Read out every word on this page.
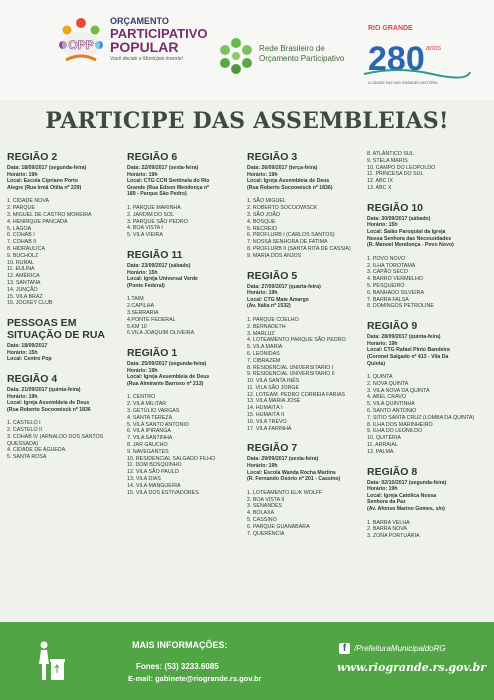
OPP
ORÇAMENTO
PARTICIPATIVO
POPULAR
Você decide o Município investe!
Rede Brasileiro de
Orçamento Participativo
RIO GRANDE
280 anos
A CIDADE FAZ DAS GRANDES HISTÓRIA
PARTICIPE DAS ASSEMBLEIAS!
REGIÃO 2
Data: 18/09/2017 (segunda-feira)
Horário: 19h
Local: Escola Cipriano Porto
Alegre (Rua Irmã Otília nº 229)
1. CIDADE NOVA
2. PARQUE
3. MIGUEL DE CASTRO MOREIRA
4. HENRIQUE PANCADA
5. LAGOA
6. COHAB I
7. COHAB II
8. HIDRAULICA
9. BUCHOLZ
10. RURAL
11. EULINA
12. AMÉRICA
13. SANTANA
14. JUNÇÃO
15. VILA BRAZ
16. JOCKEY CLUB
PESSOAS EM SITUAÇÃO DE RUA
Data: 18/09/2017
Horário: 15h
Local: Centro Pop
REGIÃO 4
Data: 21/09/2017 (quinta-feira)
Horário: 19h
Local: Igreja Assembleia de Deus
(Rua Roberto Socoowisck nº 1836
1. CASTELO I
2. CASTELO II
3. COHAB IV (ARNALDO DOS SANTOS QUESSADA)
4. CIDADE DE AGUEDA
5. SANTA ROSA
REGIÃO 6
Data: 22/09/2017 (sexta-feira)
Horário: 19h
Local: CTG CCN Sentinela do Rio
Grande (Rua Edson Mendonça nº
189 - Parque São Pedro)
1. PARQUE MARINHA
2. JARDIM DO SOL
3. PARQUE SÃO PEDRO
4. BOA VISTA I
5. VILA VIEIRA
REGIÃO 11
Data: 23/09/2017 (sábado)
Horário: 15h
Local: Igreja Universal Verde
(Ponte Federal)
1.TAIM
2.CAPILHA
3.SERRARIA
4.PONTE FEDERAL
5.KM 10
6.VILA JOAQUIM OLIVEIRA
REGIÃO 1
Data: 25/09/2017 (segunda-feira)
Horário: 19h
Local: Igreja Assembleia de Deus
(Rua Almirante Barroso nº 213)
1. CENTRO
2. VILA MILITAR
3. GETÚLIO VARGAS
4. SANTA TEREZA
5. VILA SANTO ANTONIO
6. VILA IPIRANGA
7. VILA SANTINHA
8. JAR GAUCHO
9. NAVEGANTES
10. RESIDENCIAL SALGADO FILHO
11. DOM BOSQUINHO
12. VILA SÃO PAULO
13. VILA DIAS
14. VILA MANGUEIRA
15. VILA DOS ESTIVADORES
REGIÃO 3
Data: 26/09/2017 (terça-feira)
Horário: 19h
Local: Igreja Assembleia de Deus
(Rua Roberto Socoowisck nº 1836)
1. SÃO MIGUEL
2. ROBERTO SOCOOWISCK
3. SÃO JOÃO
4. BOSQUE
5. RECREIO
6. PROFLURB I (CARLOS SANTOS)
7. NOSSA SENHORA DE FATIMA
8. PROFLURB II (SANTA RITA DE CASSIA)
9. MARIA DOS ANJOS
REGIÃO 5
Data: 27/09/2017 (quarta-feira)
Horário: 19h
Local: CTG Mate Amargo
(Av. Itália nº 1532)
1. PARQUE COELHO
2. BERNADETH
3. MARLUZ
4. LOTEAMENTO PARQUE SÃO PEDRO
5. VILA MARIA
6. LEONIDAS
7. CIBRAZEM
8. RESIDENCIAL UNIVERSITARIO I
9. RESIDENCIAL UNIVERSITARIO II
10. VILA SANTA INÊS
11. VILA SÃO JORGE
12. LOTEAM. PEDRO CORREIA FARIAS
13. VILA MARIA JOSÉ
14. HUMAITÁ I
15. HUMAITÁ II
16. VILA TREVO
17. VILA FARINHA
REGIÃO 7
Data: 29/09/2017 (sexta-feira)
Horário: 19h
Local: Escola Wanda Rocha Martins
(R. Fernando Osório nº 201 - Cassino)
1. LOTEAMENTO ELIK WOLFF
2. BOA VISTA II
3. SENANDES
4. BOLAXA
5. CASSINO
6. PARQUE GUANABARA
7. QUERÊNCIA
8. ATLÂNTICO SUL
9. STELA MARIS
10. CAMPO DO LEOPOLDO
11. PRINCESA DO SUL
12. ABC IX
13. ABC X
REGIÃO 10
Data: 30/09/2017 (sábado)
Horário: 15h
Local: Salão Paroquial da Igreja
Nossa Senhora das Necessidades
(R. Manoel Mendonça - Povo Novo)
1. POVO NOVO
2. ILHA TOROTAMA
3. CAPÃO SECO
4. BARRO VERMELHO
5. PESQUEIRO
6. BANHADO SILVEIRA
7. BARRA FALSA
8. DOMINGOS PETROLINE
REGIÃO 9
Data: 28/09/2017 (quinta-feira)
Horário: 19h
Local: CTG Rafael Pinto Bandeira
(Coronel Salgado nº 413 - Vila Da
Quinta)
1. QUINTA
2. NOVA QUINTA
3. VILA NOVA DA QUINTA
4. ABEL CRAVO
5. VILA QUINTINHA
6. SANTO ANTONIO
7. SITIO SANTA CRUZ (LOMBA DA QUINTA)
8. ILHA DOS MARINHEIRO
9. ILHA DO LEONILDO
10. QUITÉRIA
11. ARRAIAL
12. PALMA
REGIÃO 8
Data: 02/10/2017 (segunda-feira)
Horário: 19h
Local: Igreja Católica Nossa
Senhora da Paz
(Av. Afonso Marino Gomes, s/n)
1. BARRA VELHA
2. BARRA NOVA
3. ZONA PORTUÁRIA
MAIS INFORMAÇÕES:
Fones: (53) 3233.6085
E-mail: gabinete@riogrande.rs.gov.br
f /PrefeituraMunicipaldoRG
www.riogrande.rs.gov.br
